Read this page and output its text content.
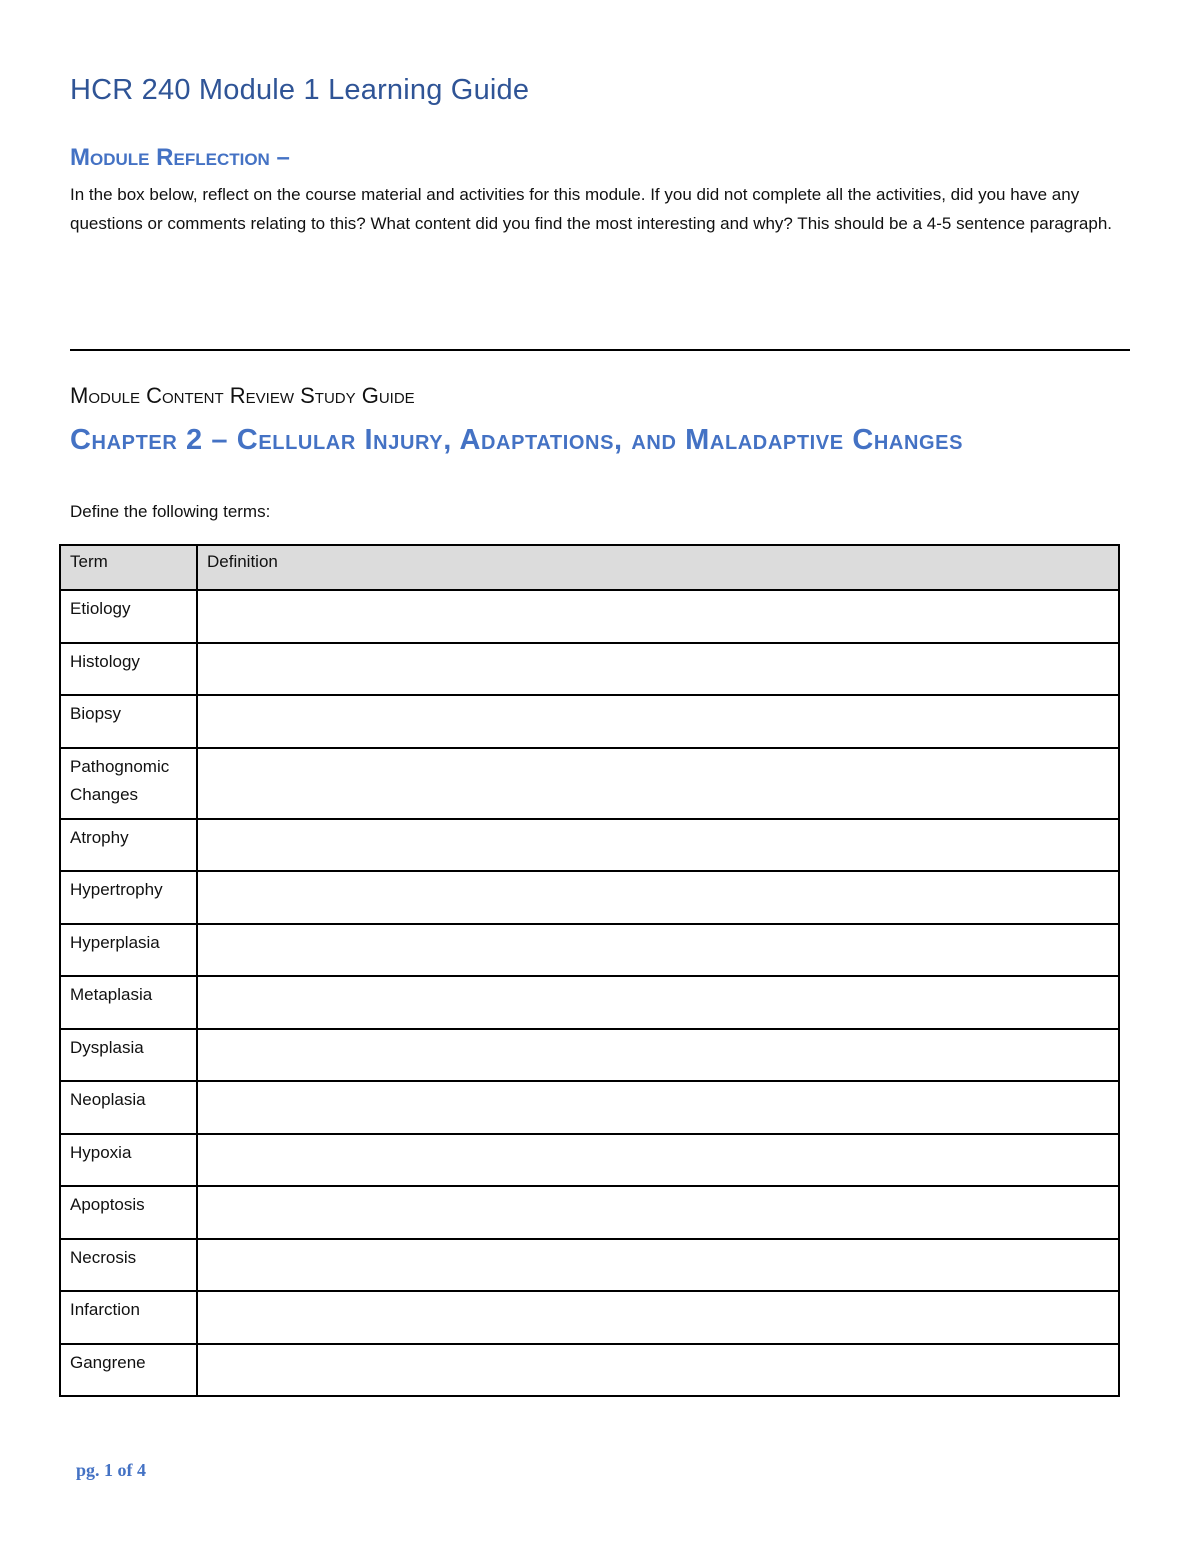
HCR 240 Module 1 Learning Guide
Module Reflection –
In the box below, reflect on the course material and activities for this module. If you did not complete all the activities, did you have any questions or comments relating to this? What content did you find the most interesting and why? This should be a 4-5 sentence paragraph.
Module Content Review Study Guide
Chapter 2 – Cellular Injury, Adaptations, and Maladaptive Changes
Define the following terms:
Term	Definition
Etiology	
Histology	
Biopsy	
Pathognomic Changes	
Atrophy	
Hypertrophy	
Hyperplasia	
Metaplasia	
Dysplasia	
Neoplasia	
Hypoxia	
Apoptosis	
Necrosis	
Infarction	
Gangrene	
pg. 1 of 4
